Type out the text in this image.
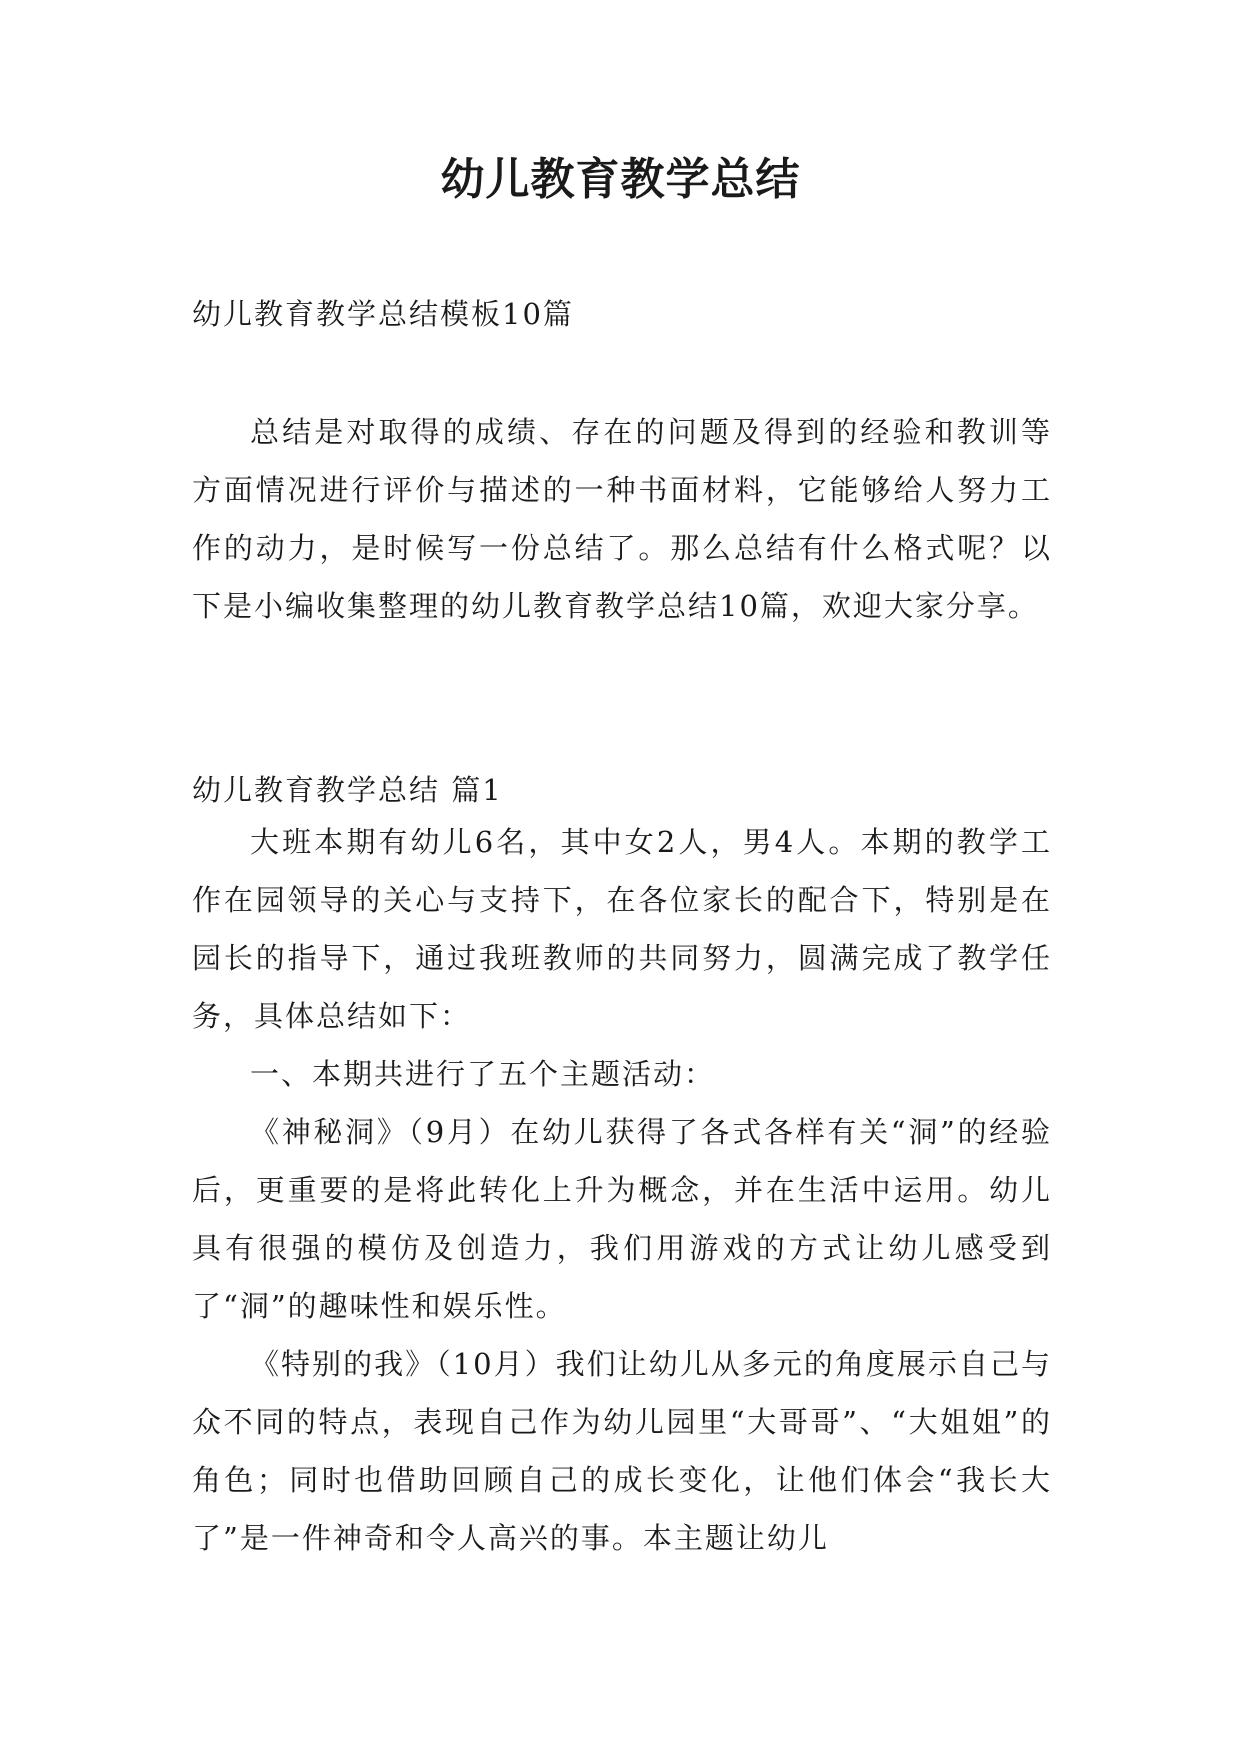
幼儿教育教学总结
幼儿教育教学总结模板10篇

总结是对取得的成绩、存在的问题及得到的经验和教训等方面情况进行评价与描述的一种书面材料，它能够给人努力工作的动力，是时候写一份总结了。那么总结有什么格式呢？以下是小编收集整理的幼儿教育教学总结10篇，欢迎大家分享。

幼儿教育教学总结 篇1

大班本期有幼儿6名，其中女2人，男4人。本期的教学工作在园领导的关心与支持下，在各位家长的配合下，特别是在园长的指导下，通过我班教师的共同努力，圆满完成了教学任务，具体总结如下：

一、本期共进行了五个主题活动：

《神秘洞》（9月）在幼儿获得了各式各样有关“洞”的经验后，更重要的是将此转化上升为概念，并在生活中运用。幼儿具有很强的模仿及创造力，我们用游戏的方式让幼儿感受到了“洞”的趣味性和娱乐性。

《特别的我》（10月）我们让幼儿从多元的角度展示自己与众不同的特点，表现自己作为幼儿园里“大哥哥”、“大姐姐”的角色；同时也借助回顾自己的成长变化，让他们体会“我长大了”是一件神奇和令人高兴的事。本主题让幼儿
